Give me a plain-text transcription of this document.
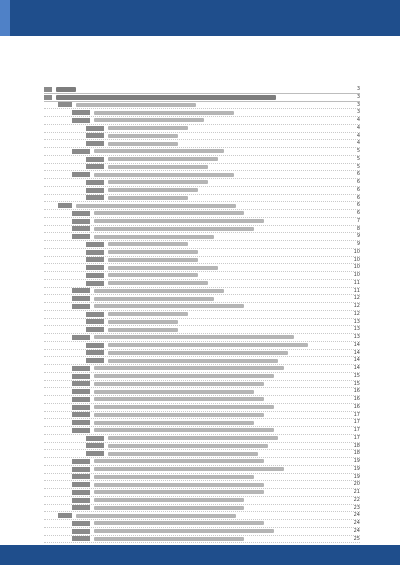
3
3
3
3
4
4
4
4
5
5
5
6
6
6
6
6
6
7
8
9
9
10
10
10
10
11
11
12
12
12
13
13
13
14
14
14
14
15
15
16
16
16
17
17
17
17
18
18
19
19
19
20
21
22
23
24
24
24
25
